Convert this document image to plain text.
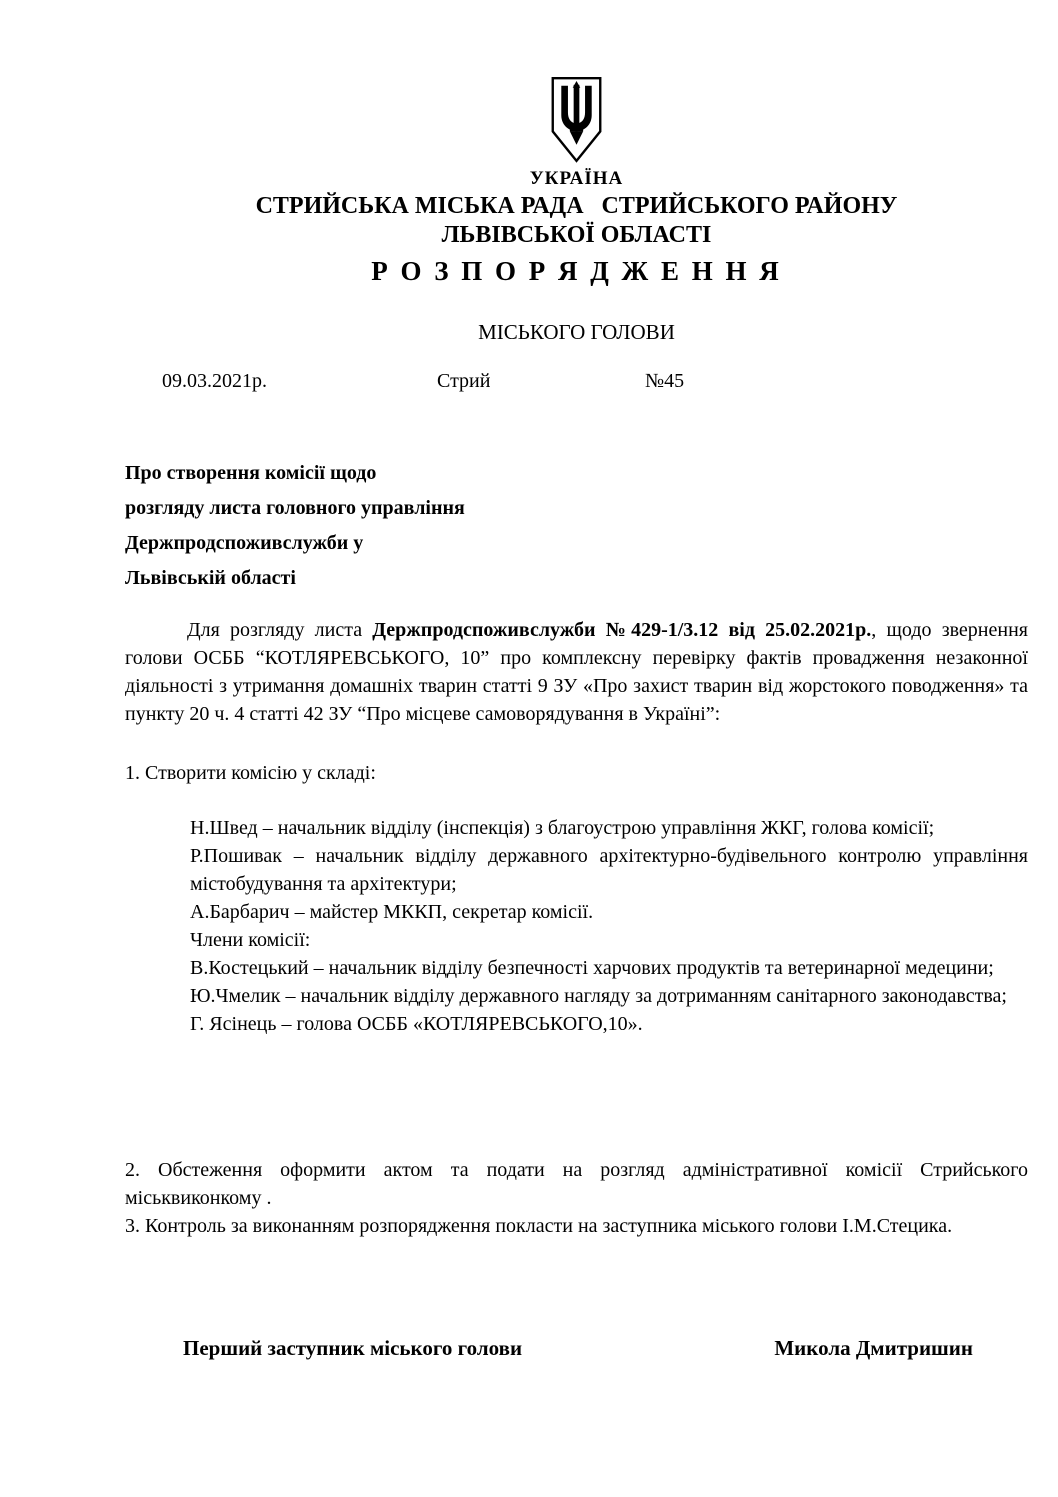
УКРАЇНА
СТРИЙСЬКА МІСЬКА РАДА   СТРИЙСЬКОГО РАЙОНУ
ЛЬВІВСЬКОЇ ОБЛАСТІ
Р О З П О Р Я Д Ж Е Н Н Я
МІСЬКОГО ГОЛОВИ
09.03.2021р.	Стрий	№45
Про створення комісії щодо
розгляду листа головного управління
Держпродспоживслужби у
Львівській області

Для розгляду листа Держпродспоживслужби №429-1/3.12 від 25.02.2021р., щодо звернення голови ОСББ “КОТЛЯРЕВСЬКОГО, 10” про комплексну перевірку фактів провадження незаконної діяльності з утримання домашніх тварин статті 9 ЗУ «Про захист тварин від жорстокого поводження» та пункту 20 ч. 4 статті 42 ЗУ “Про місцеве самоворядування в Україні”:

1. Створити комісію у складі:
Н.Швед – начальник відділу (інспекція) з благоустрою управління ЖКГ, голова комісії;
Р.Пошивак – начальник відділу державного архітектурно-будівельного контролю управління містобудування та архітектури;
А.Барбарич – майстер МККП, секретар комісії.
Члени комісії:
В.Костецький – начальник відділу безпечності харчових продуктів та ветеринарної медецини;
Ю.Чмелик – начальник відділу державного нагляду за дотриманням санітарного законодавства;
Г. Ясінець – голова ОСББ «КОТЛЯРЕВСЬКОГО,10».
2. Обстеження оформити актом та подати на розгляд адміністративної комісії Стрийського міськвиконкому .
3. Контроль за виконанням розпорядження покласти на заступника міського голови І.М.Стецика.
Перший заступник міського голови	Микола Дмитришин
